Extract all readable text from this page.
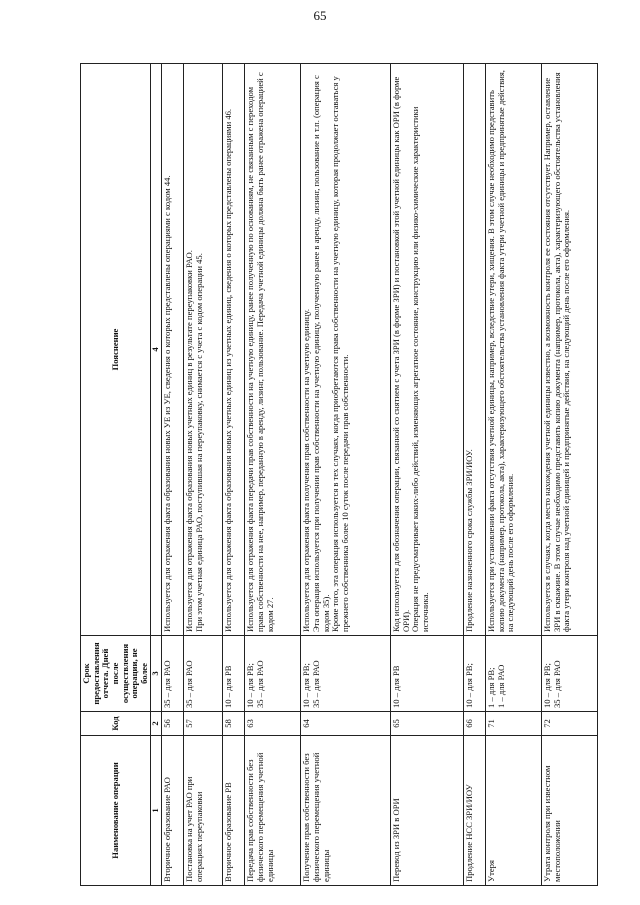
65
Наименование операции	Код	Срок предоставления отчета. Дней после осуществления операции, не более	Пояснение
1	2	3	4
Вторичное образование РАО	56	35 – для РАО	Используется для отражения факта образования новых УЕ из УЕ, сведения о которых представлены операциями с кодом 44.

Постановка на учет РАО при операциях переупаковки	57	35 – для РАО	Используется для отражения факта образования новых учетных единиц в результате переупаковки РАО. При этом учетная единица РАО, поступившая на переупаковку, снимается с учета с кодом операции 45.

Вторичное образование РВ	58	10 – для РВ	Используется для отражения факта образования новых учетных единиц из учетных единиц, сведения о которых представлены операциями 46.

Передача прав собственности без физического перемещения учетной единицы	63	10 – для РВ; 35 – для РАО	Используется для отражения факта передачи прав собственности на учетную единицу, ранее полученную по основаниям, не связанным с переходом права собственности на нее, например, переданную в аренду, лизинг, пользование. Передача учетной единицы должна быть ранее отражена операцией с кодом 27.

Получение прав собственности без физического перемещения учетной единицы	64	10 – для РВ; 35 – для РАО	Используется для отражения факта получения прав собственности на учетную единицу. Эта операция используется при получении прав собственности на учетную единицу, полученную ранее в аренду, лизинг, пользование и т.п. (операция с кодом 35). Кроме того, эта операция используется в тех случаях, когда приобретаются права собственности на учетную единицу, которая продолжает оставаться у прежнего собственника более 10 суток после передачи прав собственности.

Перевод из ЗРИ в ОРИ	65	10 – для РВ	Код используется для обозначения операции, связанной со снятием с учета ЗРИ (в форме ЗРИ) и постановкой этой учетной единицы как ОРИ (в форме ОРИ). Операция не предусматривает каких-либо действий, изменяющих агрегатное состояние, конструкцию или физико-химические характеристики источника.

Продление НСС ЗРИ/ИОУ	66	10 – для РВ;	Продление назначенного срока службы ЗРИ/ИОУ.

Утеря	71	1 – для РВ; 1 – для РАО	Используется при установлении факта отсутствия учетной единицы, например, вследствие утери, хищения. В этом случае необходимо представить копию документа (например, протокола, акта), характеризующего обстоятельства установления факта утери учетной единицы и предпринятые действия, на следующий день после его оформления.

Утрата контроля при известном местоположении	72	10 – для РВ; 35 – для РАО	Используется в случаях, когда место нахождения учетной единицы известно, а возможность контроля ее состояния отсутствует. Например, оставление ЗРИ в скважине. В этом случае необходимо представить копию документа (например, протокола, акта), характеризующего обстоятельства установления факта утери контроля над учетной единицей и предпринятые действия, на следующий день после его оформления.
